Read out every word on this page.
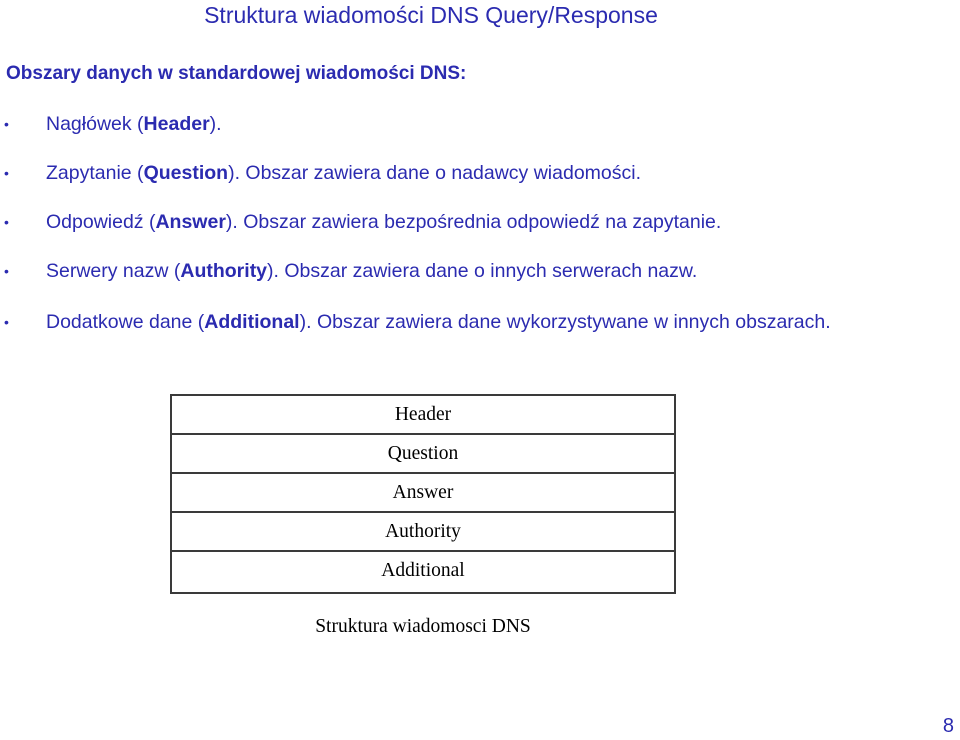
Struktura wiadomości DNS Query/Response
Obszary danych w standardowej wiadomości DNS:
• Nagłówek (Header).
• Zapytanie (Question). Obszar zawiera dane o nadawcy wiadomości.
• Odpowiedź (Answer). Obszar zawiera bezpośrednia odpowiedź na zapytanie.
• Serwery nazw (Authority). Obszar zawiera dane o innych serwerach nazw.
• Dodatkowe dane (Additional). Obszar zawiera dane wykorzystywane w innych obszarach.
Header
Question
Answer
Authority
Additional
Struktura wiadomosci DNS
8
